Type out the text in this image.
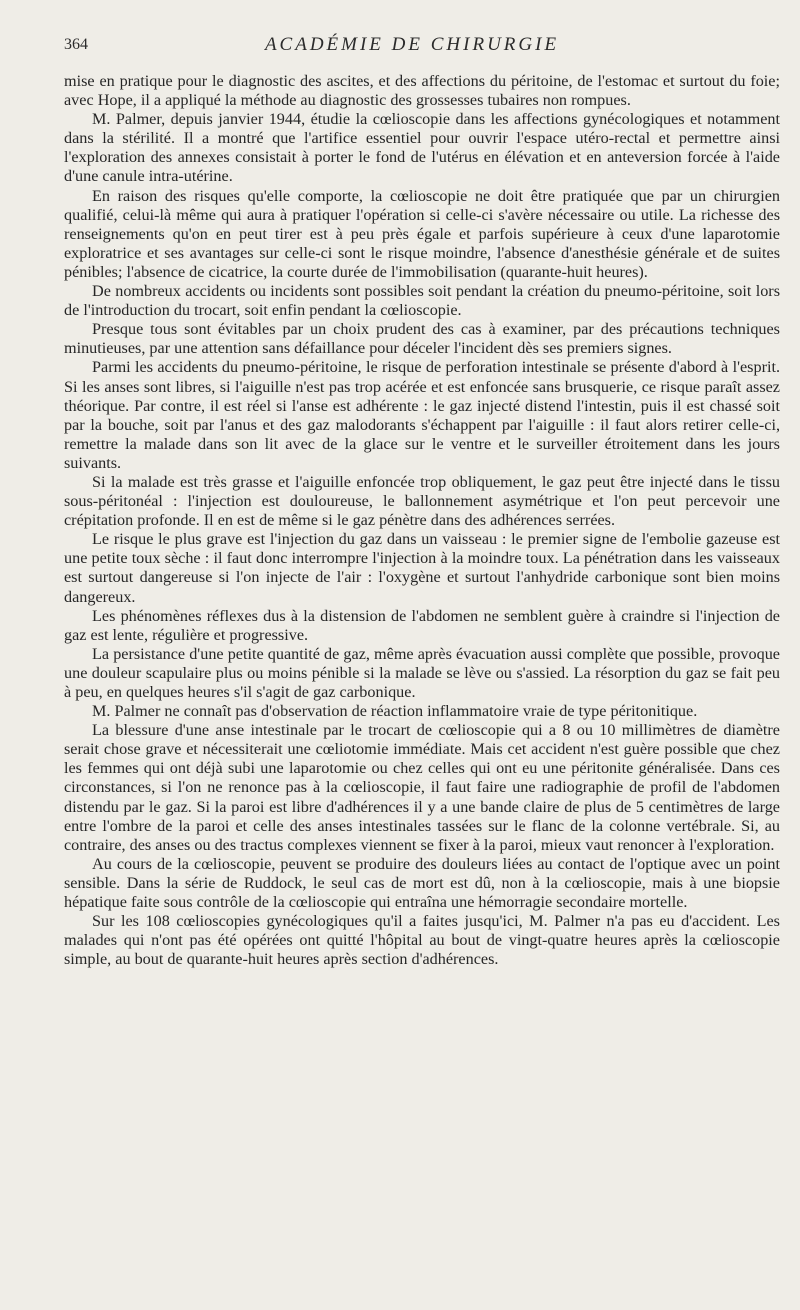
364	ACADÉMIE DE CHIRURGIE

mise en pratique pour le diagnostic des ascites, et des affections du péritoine, de l'estomac et surtout du foie; avec Hope, il a appliqué la méthode au diagnostic des grossesses tubaires non rompues.

M. Palmer, depuis janvier 1944, étudie la cœlioscopie dans les affections gynécologiques et notamment dans la stérilité. Il a montré que l'artifice essentiel pour ouvrir l'espace utéro-rectal et permettre ainsi l'exploration des annexes consistait à porter le fond de l'utérus en élévation et en anteversion forcée à l'aide d'une canule intra-utérine.

En raison des risques qu'elle comporte, la cœlioscopie ne doit être pratiquée que par un chirurgien qualifié, celui-là même qui aura à pratiquer l'opération si celle-ci s'avère nécessaire ou utile. La richesse des renseignements qu'on en peut tirer est à peu près égale et parfois supérieure à ceux d'une laparotomie exploratrice et ses avantages sur celle-ci sont le risque moindre, l'absence d'anesthésie générale et de suites pénibles; l'absence de cicatrice, la courte durée de l'immobilisation (quarante-huit heures).

De nombreux accidents ou incidents sont possibles soit pendant la création du pneumo-péritoine, soit lors de l'introduction du trocart, soit enfin pendant la cœlioscopie.

Presque tous sont évitables par un choix prudent des cas à examiner, par des précautions techniques minutieuses, par une attention sans défaillance pour déceler l'incident dès ses premiers signes.

Parmi les accidents du pneumo-péritoine, le risque de perforation intestinale se présente d'abord à l'esprit. Si les anses sont libres, si l'aiguille n'est pas trop acérée et est enfoncée sans brusquerie, ce risque paraît assez théorique. Par contre, il est réel si l'anse est adhérente : le gaz injecté distend l'intestin, puis il est chassé soit par la bouche, soit par l'anus et des gaz malodorants s'échappent par l'aiguille : il faut alors retirer celle-ci, remettre la malade dans son lit avec de la glace sur le ventre et le surveiller étroitement dans les jours suivants.

Si la malade est très grasse et l'aiguille enfoncée trop obliquement, le gaz peut être injecté dans le tissu sous-péritonéal : l'injection est douloureuse, le ballonnement asymétrique et l'on peut percevoir une crépitation profonde. Il en est de même si le gaz pénètre dans des adhérences serrées.

Le risque le plus grave est l'injection du gaz dans un vaisseau : le premier signe de l'embolie gazeuse est une petite toux sèche : il faut donc interrompre l'injection à la moindre toux. La pénétration dans les vaisseaux est surtout dangereuse si l'on injecte de l'air : l'oxygène et surtout l'anhydride carbonique sont bien moins dangereux.

Les phénomènes réflexes dus à la distension de l'abdomen ne semblent guère à craindre si l'injection de gaz est lente, régulière et progressive.

La persistance d'une petite quantité de gaz, même après évacuation aussi complète que possible, provoque une douleur scapulaire plus ou moins pénible si la malade se lève ou s'assied. La résorption du gaz se fait peu à peu, en quelques heures s'il s'agit de gaz carbonique.

M. Palmer ne connaît pas d'observation de réaction inflammatoire vraie de type péritonitique.

La blessure d'une anse intestinale par le trocart de cœlioscopie qui a 8 ou 10 millimètres de diamètre serait chose grave et nécessiterait une cœliotomie immédiate. Mais cet accident n'est guère possible que chez les femmes qui ont déjà subi une laparotomie ou chez celles qui ont eu une péritonite généralisée. Dans ces circonstances, si l'on ne renonce pas à la cœlioscopie, il faut faire une radiographie de profil de l'abdomen distendu par le gaz. Si la paroi est libre d'adhérences il y a une bande claire de plus de 5 centimètres de large entre l'ombre de la paroi et celle des anses intestinales tassées sur le flanc de la colonne vertébrale. Si, au contraire, des anses ou des tractus complexes viennent se fixer à la paroi, mieux vaut renoncer à l'exploration.

Au cours de la cœlioscopie, peuvent se produire des douleurs liées au contact de l'optique avec un point sensible. Dans la série de Ruddock, le seul cas de mort est dû, non à la cœlioscopie, mais à une biopsie hépatique faite sous contrôle de la cœlioscopie qui entraîna une hémorragie secondaire mortelle.

Sur les 108 cœlioscopies gynécologiques qu'il a faites jusqu'ici, M. Palmer n'a pas eu d'accident. Les malades qui n'ont pas été opérées ont quitté l'hôpital au bout de vingt-quatre heures après la cœlioscopie simple, au bout de quarante-huit heures après section d'adhérences.
